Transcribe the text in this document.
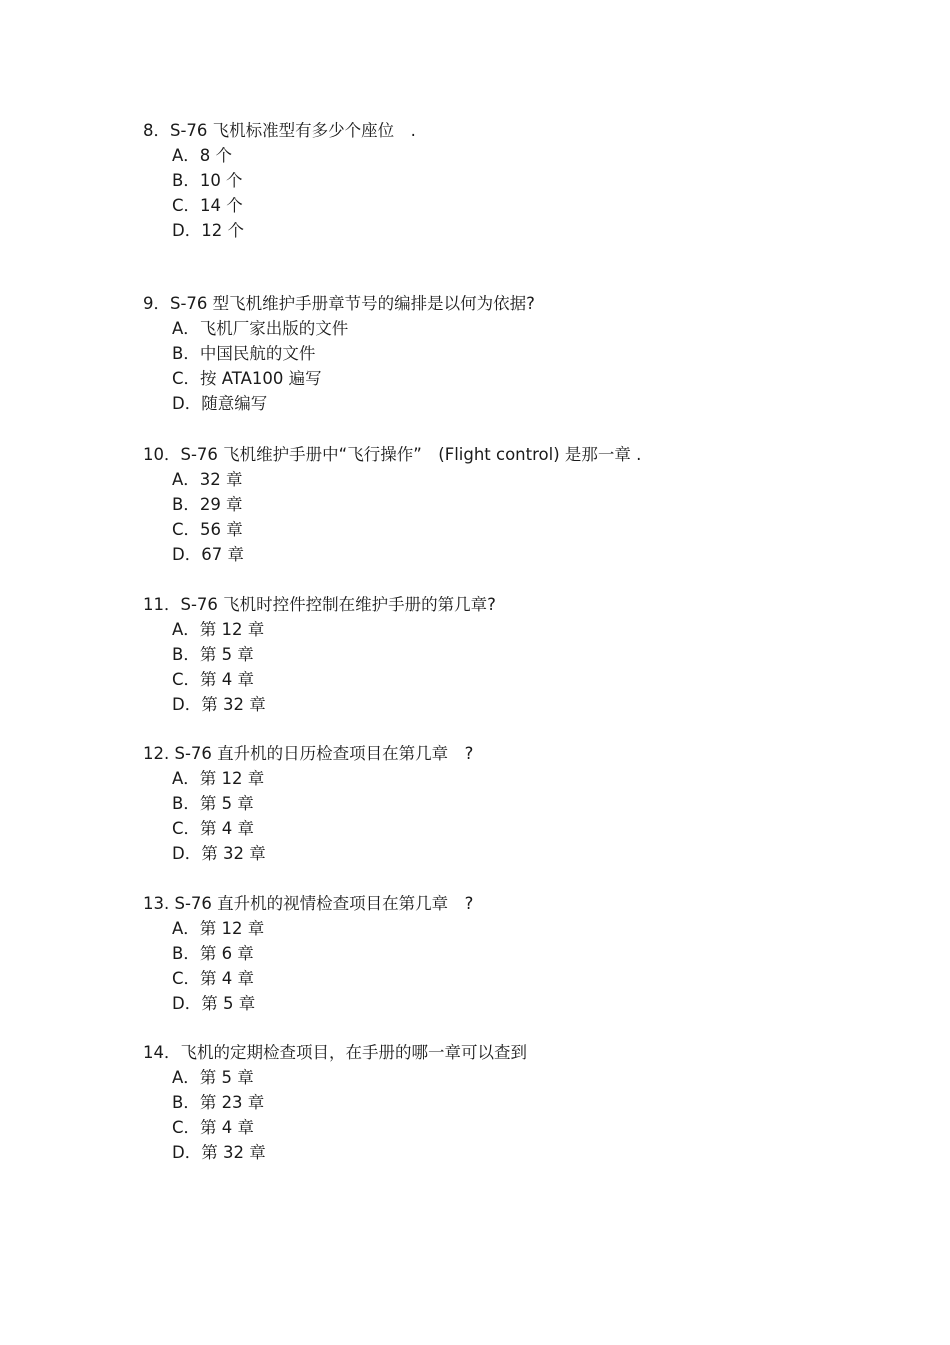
8．S-76 飞机标准型有多少个座位　.
A．8 个
B．10 个
C．14 个
D．12 个
9．S-76 型飞机维护手册章节号的编排是以何为依据?
A．飞机厂家出版的文件
B．中国民航的文件
C．按 ATA100 遍写
D．随意编写
10．S-76 飞机维护手册中“飞行操作”　(Flight control) 是那一章 .
A．32 章
B．29 章
C．56 章
D．67 章
11．S-76 飞机时控件控制在维护手册的第几章?
A．第 12 章
B．第 5 章
C．第 4 章
D．第 32 章
12. S-76 直升机的日历检查项目在第几章　?
A．第 12 章
B．第 5 章
C．第 4 章
D．第 32 章
13. S-76 直升机的视情检查项目在第几章　?
A．第 12 章
B．第 6 章
C．第 4 章
D．第 5 章
14．飞机的定期检查项目，在手册的哪一章可以查到
A．第 5 章
B．第 23 章
C．第 4 章
D．第 32 章
